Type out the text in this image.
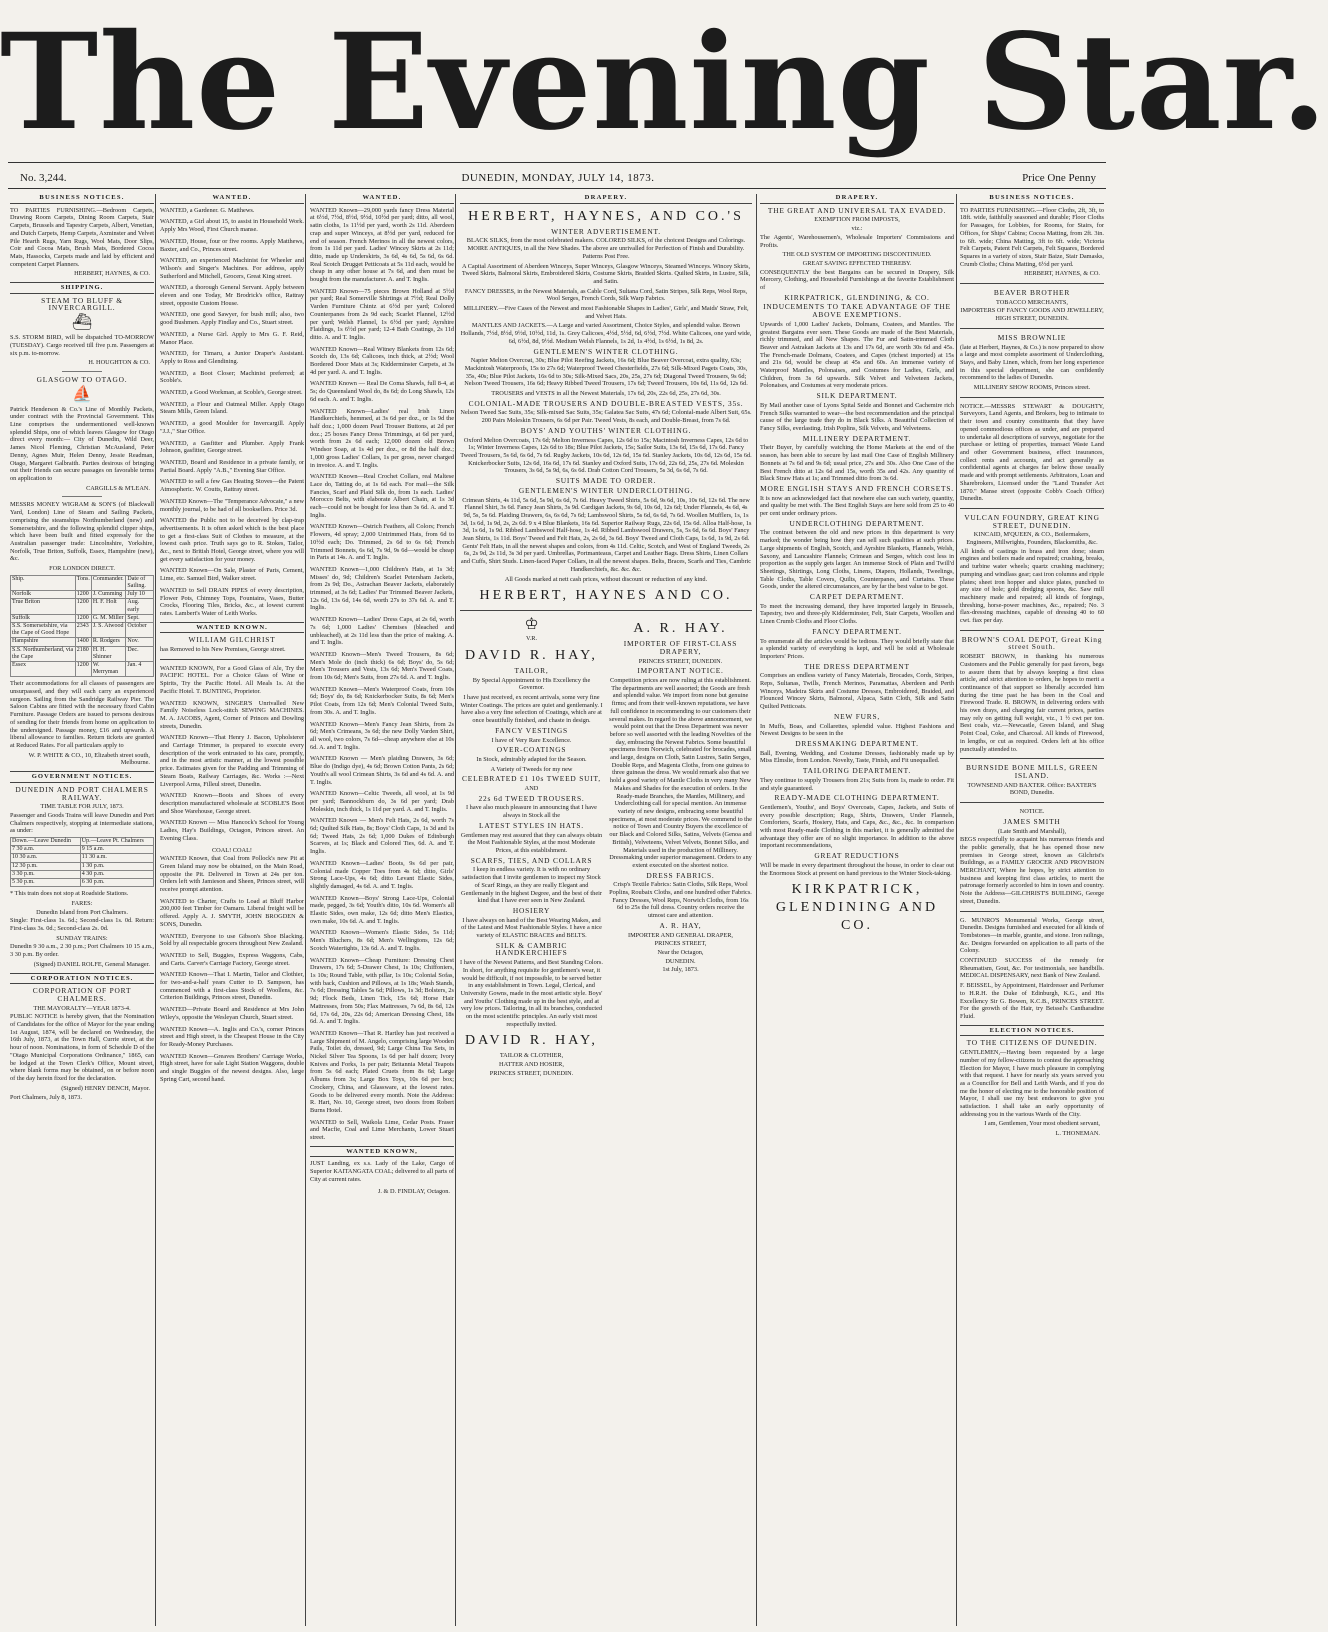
The Evening Star.
No. 3,244.	DUNEDIN, MONDAY, JULY 14, 1873.	Price One Penny
BUSINESS NOTICES.

TO PARTIES FURNISHING.—Bedroom Carpets, Drawing Room Carpets, Dining Room Carpets, Stair Carpets, Brussels and Tapestry Carpets, Albert, Venetian, and Dutch Carpets, Hemp Carpets, Axminster and Velvet Pile Hearth Rugs, Yarn Rugs, Wool Mats, Door Slips, Coir and Cocoa Mats, Brush Mats, Bordered Cocoa Mats, Hassocks, Carpets made and laid by efficient and competent Carpet Planners.

HERBERT, HAYNES, & CO.
SHIPPING.
STEAM TO BLUFF & INVERCARGILL.
⛴

S.S. STORM BIRD, will be dispatched TO-MORROW (TUESDAY). Cargo received till five p.m. Passengers at six p.m. to-morrow.

H. HOUGHTON & CO.
GLASGOW TO OTAGO.
⛵

Patrick Henderson & Co.'s Line of Monthly Packets, under contract with the Provincial Government. This Line comprises the undermentioned well-known splendid Ships, one of which leaves Glasgow for Otago direct every month:— City of Dunedin, Wild Deer, James Nicol Fleming, Christian McAusland, Peter Denny, Agnes Muir, Helen Denny, Jessie Readman, Otago, Margaret Galbraith. Parties desirous of bringing out their friends can secure passages on favorable terms on application to

CARGILLS & M'LEAN.

MESSRS MONEY WIGRAM & SON'S (of Blackwall Yard, London) Line of Steam and Sailing Packets, comprising the steamships Northumberland (new) and Somersetshire, and the following splendid clipper ships, which have been built and fitted expressly for the Australian passenger trade: Lincolnshire, Yorkshire, Norfolk, True Briton, Suffolk, Essex, Hampshire (new), &c.

FOR LONDON DIRECT.
Ship.	Tons.	Commander.	Date of Sailing.
Norfolk	1200	J. Cumming	July 10
True Briton	1200	H. F. Holt	Aug. early
Suffolk	1200	G. M. Miller	Sept.
S.S. Somersetshire, via the Cape of Good Hope	2343	J. S. Atwood	October
Hampshire	1400	R. Rodgers	Nov.
S.S. Northumberland, via the Cape	2180	H. H. Shinner	Dec.
Essex	1200	W. Merryman	Jan. 4

Their accommodations for all classes of passengers are unsurpassed, and they will each carry an experienced surgeon. Sailing from the Sandridge Railway Pier. The Saloon Cabins are fitted with the necessary fixed Cabin Furniture. Passage Orders are issued to persons desirous of sending for their friends from home on application to the undersigned. Passage money, £16 and upwards. A liberal allowance to families. Return tickets are granted at Reduced Rates. For all particulars apply to

W. P. WHITE & CO., 10, Elizabeth street south, Melbourne.
GOVERNMENT NOTICES.
DUNEDIN AND PORT CHALMERS RAILWAY.
TIME TABLE FOR JULY, 1873.

Passenger and Goods Trains will leave Dunedin and Port Chalmers respectively, stopping at intermediate stations, as under:

Down.—Leave Dunedin	Up.—Leave Pt. Chalmers
7 30 a.m.	9 15 a.m.
10 30 a.m.	11 30 a.m.
12 30 p.m.	1 30 p.m.
3 30 p.m.	4 30 p.m.
5 30 p.m.	6 30 p.m.

* This train does not stop at Roadside Stations.

FARES:
Dunedin Island from Port Chalmers.

Single: First-class 1s. 6d.; Second-class 1s. 0d. Return: First-class 3s. 0d.; Second-class 2s. 0d.

SUNDAY TRAINS:

Dunedin 9 30 a.m., 2 30 p.m.; Port Chalmers 10 15 a.m., 3 30 p.m. By order.

(Signed) DANIEL ROLFE, General Manager.
CORPORATION NOTICES.
CORPORATION OF PORT CHALMERS.
THE MAYORALTY—YEAR 1873-4.

PUBLIC NOTICE is hereby given, that the Nomination of Candidates for the office of Mayor for the year ending 1st August, 1874, will be declared on Wednesday, the 16th July, 1873, at the Town Hall, Currie street, at the hour of noon. Nominations, in form of Schedule D of the "Otago Municipal Corporations Ordinance," 1865, can be lodged at the Town Clerk's Office, Mount street, where blank forms may be obtained, on or before noon of the day herein fixed for the declaration.

(Signed) HENRY DENCH, Mayor.

Port Chalmers, July 8, 1873.

WANTED.

WANTED, a Gardener. G. Matthews.

WANTED, a Girl about 15, to assist in Household Work. Apply Mrs Wood, First Church manse.

WANTED, House, four or five rooms. Apply Matthews, Baxter, and Co., Princes street.

WANTED, an experienced Machinist for Wheeler and Wilson's and Singer's Machines. For address, apply Sutherford and Mitchell, Grocers, Great King street.

WANTED, a thorough General Servant. Apply between eleven and one Today, Mr Brodrick's office, Rattray street, opposite Custom House.

WANTED, one good Sawyer, for bush mill; also, two good Bushmen. Apply Findlay and Co., Stuart street.

WANTED, a Nurse Girl. Apply to Mrs G. F. Reid, Manor Place.

WANTED, for Timaru, a Junior Draper's Assistant. Apply to Ross and Glendining.

WANTED, a Boot Closer; Machinist preferred; at Scoble's.

WANTED, a Good Workman, at Scoble's, George street.

WANTED, a Flour and Oatmeal Miller. Apply Otago Steam Mills, Green Island.

WANTED, a good Moulder for Invercargill. Apply "J.J.," Star Office.

WANTED, a Gasfitter and Plumber. Apply Frank Johnson, gasfitter, George street.

WANTED, Board and Residence in a private family, or Partial Board. Apply "A.B.," Evening Star Office.

WANTED to sell a few Gas Heating Stoves—the Patent Atmospheric. W. Coutts, Rattray street.

WANTED Known—The "Temperance Advocate," a new monthly journal, to be had of all booksellers. Price 3d.

WANTED the Public not to be deceived by clap-trap advertisements. It is often asked which is the best place to get a first-class Suit of Clothes to measure, at the lowest cash price. Truth says go to R. Stokes, Tailor, &c., next to British Hotel, George street, where you will get every satisfaction for your money.

WANTED Known—On Sale, Plaster of Paris, Cement, Lime, etc. Samuel Bird, Walker street.

WANTED to Sell DRAIN PIPES of every description, Flower Pots, Chimney Tops, Fountains, Vases, Butter Crocks, Flooring Tiles, Bricks, &c., at lowest current rates. Lambert's Water of Leith Works.

WANTED KNOWN.
WILLIAM GILCHRIST

has Removed to his New Premises, George street.

WANTED KNOWN, For a Good Glass of Ale, Try the PACIFIC HOTEL. For a Choice Glass of Wine or Spirits, Try the Pacific Hotel. All Meals 1s. At the Pacific Hotel. T. BUNTING, Proprietor.

WANTED KNOWN, SINGER'S Unrivalled New Family Noiseless Lock-stitch SEWING MACHINES. M. A. JACOBS, Agent, Corner of Princes and Dowling streets, Dunedin.

WANTED Known—That Henry J. Bacon, Upholsterer and Carriage Trimmer, is prepared to execute every description of the work entrusted to his care, promptly, and in the most artistic manner, at the lowest possible price. Estimates given for the Padding and Trimming of Steam Boats, Railway Carriages, &c. Works :—Next Liverpool Arms, Filleul street, Dunedin.

WANTED Known—Boots and Shoes of every description manufactured wholesale at SCOBLE'S Boot and Shoe Warehouse, George street.

WANTED Known — Miss Hancock's School for Young Ladies, Hay's Buildings, Octagon, Princes street. An Evening Class.

COAL! COAL!

WANTED Known, that Coal from Pollock's new Pit at Green Island may now be obtained, on the Main Road, opposite the Pit. Delivered in Town at 24s per ton. Orders left with Jamieson and Sheen, Princes street, will receive prompt attention.

WANTED to Charter, Crafts to Load at Bluff Harbor 200,000 feet Timber for Oamaru. Liberal freight will be offered. Apply A. J. SMYTH, JOHN BROGDEN & SONS, Dunedin.

WANTED, Everyone to use Gibson's Shoe Blacking. Sold by all respectable grocers throughout New Zealand.

WANTED to Sell, Buggies, Express Waggons, Cabs, and Carts. Carver's Carriage Factory, George street.

WANTED Known—That I. Martin, Tailor and Clothier, for two-and-a-half years Cutter to D. Sampson, has commenced with a first-class Stock of Woollens, &c. Criterion Buildings, Princes street, Dunedin.

WANTED—Private Board and Residence at Mrs John Wiley's, opposite the Wesleyan Church, Stuart street.

WANTED Known—A. Inglis and Co.'s, corner Princes street and High street, is the Cheapest House in the City for Ready-Money Purchases.

WANTED Known—Greaves Brothers' Carriage Works, High street, have for sale Light Station Waggons, double and single Buggies of the newest designs. Also, large Spring Cart, second hand.

WANTED.

WANTED Known—29,000 yards fancy Dress Material at 6½d, 7½d, 8½d, 9½d, 10½d per yard; ditto, all wool, satin cloths, 1s 11½d per yard, worth 2s 11d. Aberdeen crap and super Winceys, at 8½d per yard, reduced for end of season. French Merinos in all the newest colors, from 1s 11d per yard. Ladies' Wincey Skirts at 2s 11d; ditto, made up Underskirts, 3s 6d, 4s 6d, 5s 6d, 6s 6d. Real Scotch Drugget Petticoats at 5s 11d each, would be cheap in any other house at 7s 6d, and then must be bought from the manufacturer. A. and T. Inglis.

WANTED Known—75 pieces Brown Holland at 5½d per yard; Real Somerville Shirtings at 7½d; Real Dolly Varden Furniture Chintz at 6½d per yard; Colored Counterpanes from 2s 9d each; Scarlet Flannel, 12½d per yard; Welsh Flannel, 1s 6½d per yard; Ayrshire Flaidings, 1s 6½d per yard; 12-4 Bath Coatings, 2s 11d ditto. A. and T. Inglis.

WANTED Known—Real Witney Blankets from 12s 6d; Scotch do, 13s 6d; Calicoes, inch thick, at 2½d; Wool Bordered Door Mats at 3s; Kidderminster Carpets, at 3s 4d per yard. A. and T. Inglis.

WANTED Known — Real De Coma Shawls, full 8-4, at 5s; do Queensland Wool do, 8s 6d; do Long Shawls, 12s 6d each. A. and T. Inglis.

WANTED Known—Ladies' real Irish Linen Handkerchiefs, hemmed, at 3s 6d per doz., or 1s 9d the half doz.; 1,000 dozen Pearl Trouser Buttons, at 2d per doz.; 25 boxes Fancy Dress Trimmings, at 6d per yard, worth from 2s 6d each; 12,000 dozen old Brown Windsor Soap, at 1s 4d per doz., or 8d the half doz.; 1,000 gross Ladies' Collars, 1s per gross, never charged in invoice. A. and T. Inglis.

WANTED Known—Real Crochet Collars, real Maltese Lace do, Tatting do, at 1s 6d each. For mail—the Silk Fancies, Scarf and Plaid Silk do, from 1s each. Ladies' Morocco Belts, with elaborate Albert Chain, at 1s 3d each—could not be bought for less than 3s 6d. A. and T. Inglis.

WANTED Known—Ostrich Feathers, all Colors; French Flowers, 4d spray; 2,000 Untrimmed Hats, from 6d to 10½d each; Do. Trimmed, 2s 6d to 6s 6d; French Trimmed Bonnets, 6s 6d, 7s 9d, 9s 6d—would be cheap in Paris at 14s. A. and T. Inglis.

WANTED Known—1,000 Children's Hats, at 1s 3d; Misses' do, 9d; Children's Scarlet Petersham Jackets, from 2s 9d; Do., Astrachan Beaver Jackets, elaborately trimmed, at 3s 6d; Ladies' Fur Trimmed Beaver Jackets, 12s 6d, 13s 6d, 14s 6d, worth 27s to 37s 6d. A. and T. Inglis.

WANTED Known—Ladies' Dress Caps, at 2s 6d, worth 7s 6d; 1,000 Ladies' Chemises (bleached and unbleached), at 2s 11d less than the price of making. A. and T. Inglis.

WANTED Known—Men's Tweed Trousers, 8s 6d; Men's Mole do (inch thick) 6s 6d; Boys' do, 5s 6d; Men's Trousers and Vests, 13s 6d; Men's Tweed Coats, from 10s 6d; Men's Suits, from 27s 6d. A. and T. Inglis.

WANTED Known—Men's Waterproof Coats, from 10s 6d; Boys' do, 8s 6d; Knickerbocker Suits, 8s 6d; Men's Pilot Coats, from 12s 6d; Men's Colonial Tweed Suits, from 30s. A. and T. Inglis.

WANTED Known—Men's Fancy Jean Shirts, from 2s 6d; Men's Crimeans, 3s 6d; the new Dolly Varden Shirt, all wool, two colors, 7s 6d—cheap anywhere else at 10s 6d. A. and T. Inglis.

WANTED Known — Men's plaiding Drawers, 3s 6d; Blue do (Indigo dye), 4s 6d; Brown Cotton Pants, 2s 6d; Youth's all wool Crimean Shirts, 3s 6d and 4s 6d. A. and T. Inglis.

WANTED Known—Celtic Tweeds, all wool, at 1s 9d per yard; Bannockburn do, 3s 6d per yard; Drab Moleskin, inch thick, 1s 11d per yard. A. and T. Inglis.

WANTED Known — Men's Felt Hats, 2s 6d, worth 7s 6d; Quilted Silk Hats, 8s; Boys' Cloth Caps, 1s 3d and 1s 6d; Tweed Hats, 2s 6d; 1,000 Dukes of Edinburgh Scarves, at 1s; Black and Colored Ties, 6d. A. and T. Inglis.

WANTED Known—Ladies' Boots, 9s 6d per pair, Colonial made Copper Toes from 4s 6d; ditto, Girls' Strong Lace-Ups, 4s 6d; ditto Levant Elastic Sides, slightly damaged, 4s 6d. A. and T. Inglis.

WANTED Known—Boys' Strong Lace-Ups, Colonial made, pegged, 3s 6d; Youth's ditto, 10s 6d. Women's all Elastic Sides, own make, 12s 6d; ditto Men's Elastics, own make, 10s 6d. A. and T. Inglis.

WANTED Known—Women's Elastic Sides, 5s 11d; Men's Bluchers, 8s 6d; Men's Wellingtons, 12s 6d; Scotch Watertights, 13s 6d. A. and T. Inglis.

WANTED Known—Cheap Furniture: Dressing Chest Drawers, 17s 6d; 5-Drawer Chest, 1s 10s; Chiffoniers, 1s 10s; Round Table, with pillar, 1s 10s; Colonial Sofas, with back, Cushion and Pillows, at 1s 18s; Wash Stands, 7s 6d; Dressing Tables 5s 6d; Pillows, 1s 3d; Bolsters, 2s 9d; Flock Beds, Linen Tick, 15s 6d; Horse Hair Mattresses, from 50s; Flax Mattresses, 7s 6d, 8s 6d, 12s 6d, 17s 6d, 20s, 22s 6d; American Dressing Chest, 18s 6d. A. and T. Inglis.

WANTED Known—That R. Hartley has just received a Large Shipment of M. Angelo, comprising large Wooden Pails, Toilet do, dressed, 9d; Large China Tea Sets, in Nickel Silver Tea Spoons, 1s 6d per half dozen; Ivory Knives and Forks, 1s per pair; Britannia Metal Teapots from 5s 6d each; Plated Cruets from 8s 6d; Large Albums from 3s; Large Box Toys, 10s 6d per box; Crockery, China, and Glassware, at the lowest rates. Goods to be delivered every month. Note the Address: R. Hart, No. 10, George street, two doors from Robert Burns Hotel.

WANTED to Sell, Waikola Lime, Cedar Posts. Fraser and Macfie, Coal and Lime Merchants, Lower Stuart street.

WANTED KNOWN,

JUST Landing, ex s.s. Lady of the Lake, Cargo of Superior KAITANGATA COAL; delivered to all parts of City at current rates.

J. & D. FINDLAY, Octagon.
DRAPERY.
HERBERT, HAYNES, AND CO.'S
WINTER ADVERTISEMENT.

BLACK SILKS, from the most celebrated makers. COLORED SILKS, of the choicest Designs and Colorings. MOIRE ANTIQUES, in all the New Shades. The above are unrivalled for Perfection of Finish and Durability. Patterns Post Free.

A Capital Assortment of Aberdeen Winceys, Super Winceys, Glasgow Winceys, Steamed Winceys. Wincey Skirts, Tweed Skirts, Balmoral Skirts, Embroidered Skirts, Costume Skirts, Braided Skirts. Quilted Skirts, in Lustre, Silk, and Satin.

FANCY DRESSES, in the Newest Materials, as Cable Cord, Sultana Cord, Satin Stripes, Silk Reps, Wool Reps, Wool Serges, French Cords, Silk Warp Fabrics.

MILLINERY.—Five Cases of the Newest and most Fashionable Shapes in Ladies', Girls', and Maids' Straw, Felt, and Velvet Hats.

MANTLES AND JACKETS.—A Large and varied Assortment, Choice Styles, and splendid value. Brown Hollands, 7½d, 8½d, 9½d, 10½d, 11d, 1s. Grey Calicoes, 4½d, 5½d, 6d, 6½d, 7½d. White Calicoes, one yard wide, 6d, 6½d, 8d, 9½d. Medium Welsh Flannels, 1s 2d, 1s 4½d, 1s 6½d, 1s 8d, 2s.

GENTLEMEN'S WINTER CLOTHING.

Napier Melton Overcoat, 30s; Blue Pilot Reefing Jackets, 16s 6d; Blue Beaver Overcoat, extra quality, 63s; Mackintosh Waterproofs, 15s to 27s 6d; Waterproof Tweed Chesterfields, 27s 6d; Silk-Mixed Pagets Coats, 30s, 35s, 40s; Blue Pilot Jackets, 16s 6d to 30s; Silk-Mixed Sacs, 20s, 25s, 27s 6d; Diagonal Tweed Trousers, 9s 6d; Nelson Tweed Trousers, 16s 6d; Heavy Ribbed Tweed Trousers, 17s 6d; Tweed Trousers, 10s 6d, 11s 6d, 12s 6d.

TROUSERS and VESTS in all the Newest Materials, 17s 6d, 20s, 22s 6d, 25s, 27s 6d, 30s.

COLONIAL-MADE TROUSERS AND DOUBLE-BREASTED VESTS, 35s.

Nelson Tweed Sac Suits, 35s; Silk-mixed Sac Suits, 35s; Galatea Sac Suits, 47s 6d; Colonial-made Albert Suit, 65s. 200 Pairs Moleskin Trousers, 6s 6d per Pair. Tweed Vests, 8s each, and Double-Breast, from 7s 6d.

BOYS' AND YOUTHS' WINTER CLOTHING.

Oxford Melton Overcoats, 17s 6d; Melton Inverness Capes, 12s 6d to 15s; Macintosh Inverness Capes, 12s 6d to 1s; Winter Inverness Capes, 12s 6d to 18s; Blue Pilot Jackets, 15s; Sailor Suits, 13s 6d, 15s 6d, 17s 6d. Fancy Tweed Trousers, 5s 6d, 6s 6d, 7s 6d. Rugby Jackets, 10s 6d, 12s 6d, 15s 6d. Stanley Jackets, 10s 6d, 12s 6d, 15s 6d. Knickerbocker Suits, 12s 6d, 16s 6d, 17s 6d. Stanley and Oxford Suits, 17s 6d, 22s 6d, 25s, 27s 6d. Moleskin Trousers, 3s 6d, 5s 9d, 6s, 6s 6d. Drab Cotton Cord Trousers, 5s 3d, 6s 6d, 7s 6d.

SUITS MADE TO ORDER.
GENTLEMEN'S WINTER UNDERCLOTHING.

Crimean Shirts, 4s 11d, 5s 6d, 5s 9d, 6s 6d, 7s 6d. Heavy Tweed Shirts, 5s 6d, 9s 6d, 10s, 10s 6d, 12s 6d. The new Flannel Shirt, 3s 6d. Fancy Jean Shirts, 3s 9d. Cardigan Jackets, 9s 6d, 10s 6d, 12s 6d; Under Flannels, 4s 6d, 4s 9d, 5s, 5s 6d. Plaiding Drawers, 6s, 6s 6d, 7s 6d; Lambswool Shirts, 5s 6d, 6s 6d, 7s 6d. Woollen Mufflers, 1s, 1s 3d, 1s 6d, 1s 9d, 2s, 2s 6d. 9 x 4 Blue Blankets, 16s 6d. Superior Railway Rugs, 22s 6d, 15s 6d. Alloa Half-hose, 1s 3d, 1s 6d, 1s 9d. Ribbed Lambswool Half-hose, 1s 4d. Ribbed Lambswool Drawers, 5s, 5s 6d, 6s 6d. Boys' Fancy Jean Shirts, 1s 11d. Boys' Tweed and Felt Hats, 2s, 2s 6d, 3s 6d. Boys' Tweed and Cloth Caps, 1s 6d, 1s 9d, 2s 6d. Gents' Felt Hats, in all the newest shapes and colors, from 4s 11d. Celtic, Scotch, and West of England Tweeds, 2s 6s, 2s 9d, 2s 11d, 3s 3d per yard. Umbrellas, Portmanteaus, Carpet and Leather Bags. Dress Shirts, Linen Collars and Cuffs, Shirt Studs. Linen-faced Paper Collars, in all the newest shapes. Belts, Braces, Scarfs and Ties, Cambric Handkerchiefs, &c. &c. &c.

All Goods marked at nett cash prices, without discount or reduction of any kind.

HERBERT, HAYNES AND CO.
♔
V.R.
DAVID R. HAY,
TAILOR,

By Special Appointment to His Excellency the Governor.

I have just received, ex recent arrivals, some very fine Winter Coatings. The prices are quiet and gentlemanly. I have also a very fine selection of Coatings, which are at once beautifully finished, and chaste in design.

FANCY VESTINGS

I have of Very Rare Excellence.

OVER-COATINGS

In Stock, admirably adapted for the Season.

A Variety of Tweeds for my new

CELEBRATED £1 10s TWEED SUIT,
AND
22s 6d TWEED TROUSERS.

I have also much pleasure in announcing that I have always in Stock all the

LATEST STYLES IN HATS.

Gentlemen may rest assured that they can always obtain the Most Fashionable Styles, at the most Moderate Prices, at this establishment.

SCARFS, TIES, AND COLLARS

I keep in endless variety. It is with no ordinary satisfaction that I invite gentlemen to inspect my Stock of Scarf Rings, as they are really Elegant and Gentlemanly in the highest Degree, and the best of their kind that I have ever seen in New Zealand.

HOSIERY

I have always on hand of the Best Wearing Makes, and of the Latest and Most Fashionable Styles. I have a nice variety of ELASTIC BRACES and BELTS.

SILK & CAMBRIC HANDKERCHIEFS

I have of the Newest Patterns, and Best Standing Colors. In short, for anything requisite for gentlemen's wear, it would be difficult, if not impossible, to be served better in any establishment in Town. Legal, Clerical, and University Gowns, made in the most artistic style. Boys' and Youths' Clothing made up in the best style, and at very low prices. Tailoring, in all its branches, conducted on the most scientific principles. An early visit most respectfully invited.

DAVID R. HAY,
TAILOR & CLOTHIER,
HATTER AND HOSIER,
PRINCES STREET, DUNEDIN.
A. R. HAY.
IMPORTER OF FIRST-CLASS DRAPERY,
PRINCES STREET, DUNEDIN.
IMPORTANT NOTICE.

Competition prices are now ruling at this establishment. The departments are well assorted; the Goods are fresh and splendid value. We import from none but genuine firms; and from their well-known reputations, we have full confidence in recommending to our customers their several makes. In regard to the above announcement, we would point out that the Dress Department was never before so well assorted with the leading Novelties of the day, embracing the Newest Fabrics. Some beautiful specimens from Norwich, celebrated for brocades, small and large, designs on Cloth, Satin Lustres, Satin Serges, Double Reps, and Magenta Cloths, from one guinea to three guineas the dress. We would remark also that we hold a good variety of Mantle Cloths in very many New Makes and Shades for the execution of orders. In the Ready-made Branches, the Mantles, Millinery, and Underclothing call for special mention. An immense variety of new designs, embracing some beautiful specimens, at most moderate prices. We commend to the notice of Town and Country Buyers the excellence of our Black and Colored Silks, Satins, Velvets (Genoa and British), Velveteens, Velvet Velvets, Bonnet Silks, and Materials used in the production of Millinery. Dressmaking under superior management. Orders to any extent executed on the shortest notice.

DRESS FABRICS.

Crisp's Textile Fabrics: Satin Cloths, Silk Reps, Wool Poplins, Roubaix Cloths, and one hundred other Fabrics. Fancy Dresses, Wool Reps, Norwich Cloths, from 16s 6d to 25s the full dress. Country orders receive the utmost care and attention.

A. R. HAY,
IMPORTER AND GENERAL DRAPER,
PRINCES STREET,
Near the Octagon,
DUNEDIN.

1st July, 1873.

DRAPERY.
THE GREAT AND UNIVERSAL TAX EVADED.
EXEMPTION FROM IMPOSTS,
viz.:

The Agents', Warehousemen's, Wholesale Importers' Commissions and Profits.

THE OLD SYSTEM OF IMPORTING DISCONTINUED.
GREAT SAVING EFFECTED THEREBY.

CONSEQUENTLY the best Bargains can be secured in Drapery, Silk Mercery, Clothing, and Household Furnishings at the favorite Establishment of

KIRKPATRICK, GLENDINING, & CO.
INDUCEMENTS TO TAKE ADVANTAGE OF THE ABOVE EXEMPTIONS.

Upwards of 1,000 Ladies' Jackets, Dolmans, Coatees, and Mantles. The greatest Bargains ever seen. These Goods are made of the Best Materials, richly trimmed, and all New Shapes. The Fur and Satin-trimmed Cloth Beaver and Astrakan Jackets at 13s and 17s 6d, are worth 30s 6d and 45s. The French-made Dolmans, Coatees, and Capes (richest imported) at 15s and 21s 6d, would be cheap at 45s and 60s. An immense variety of Waterproof Mantles, Polonaises, and Costumes for Ladies, Girls, and Children, from 3s 6d upwards. Silk Velvet and Velveteen Jackets, Polonaises, and Costumes at very moderate prices.

SILK DEPARTMENT.

By Mail another case of Lyons Spital Seide and Bonnet and Cachemire rich French Silks warranted to wear—the best recommendation and the principal cause of the large trade they do in Black Silks. A Beautiful Collection of Fancy Silks, everlasting. Irish Poplins, Silk Velvets, and Velveteens.

MILLINERY DEPARTMENT.

Their Buyer, by carefully watching the Home Markets at the end of the season, has been able to secure by last mail One Case of English Millinery Bonnets at 7s 6d and 9s 6d; usual price, 27s and 30s. Also One Case of the Best French ditto at 12s 6d and 15s, worth 35s and 42s. Any quantity of Black Straw Hats at 1s; and Trimmed ditto from 3s 6d.

MORE ENGLISH STAYS AND FRENCH CORSETS.

It is now an acknowledged fact that nowhere else can such variety, quantity, and quality be met with. The Best English Stays are here sold from 25 to 40 per cent under ordinary prices.

UNDERCLOTHING DEPARTMENT.

The contrast between the old and new prices in this department is very marked; the wonder being how they can sell such qualities at such prices. Large shipments of English, Scotch, and Ayrshire Blankets, Flannels, Welsh, Saxony, and Lancashire Flannels; Crimean and Serges, which cost less in proportion as the supply gets larger. An immense Stock of Plain and Twill'd Sheetings, Shirtings, Long Cloths, Linens, Diapers, Hollands, Tweelings, Table Cloths, Table Covers, Quilts, Counterpanes, and Curtains. These Goods, under the altered circumstances, are by far the best value to be got.

CARPET DEPARTMENT.

To meet the increasing demand, they have imported largely in Brussels, Tapestry, two and three-ply Kidderminster, Felt, Stair Carpets, Woollen and Linen Crumb Cloths and Floor Cloths.

FANCY DEPARTMENT.

To enumerate all the articles would be tedious. They would briefly state that a splendid variety of everything is kept, and will be sold at Wholesale Importers' Prices.

THE DRESS DEPARTMENT

Comprises an endless variety of Fancy Materials, Brocades, Cords, Stripes, Reps, Sultanas, Twills, French Merinos, Paramattas, Aberdeen and Perth Winceys, Madeira Skirts and Costume Dresses, Embroidered, Braided, and Flounced Wincey Skirts, Balmoral, Alpaca, Satin Cloth, Silk and Satin Quilted Petticoats.

NEW FURS,

In Muffs, Boas, and Collarettes, splendid value. Highest Fashions and Newest Designs to be seen in the

DRESSMAKING DEPARTMENT.

Ball, Evening, Wedding, and Costume Dresses, fashionably made up by Miss Elmslie, from London. Novelty, Taste, Finish, and Fit unequalled.

TAILORING DEPARTMENT.

They continue to supply Trousers from 21s; Suits from 1s, made to order. Fit and style guaranteed.

READY-MADE CLOTHING DEPARTMENT.

Gentlemen's, Youths', and Boys' Overcoats, Capes, Jackets, and Suits of every possible description; Rugs, Shirts, Drawers, Under Flannels, Comforters, Scarfs, Hosiery, Hats, and Caps, &c., &c., &c. In comparison with most Ready-made Clothing in this market, it is generally admitted the advantage they offer are of no slight importance. In addition to the above important recommendations,

GREAT REDUCTIONS

Will be made in every department throughout the house, in order to clear out the Enormous Stock at present on hand previous to the Winter Stock-taking.

KIRKPATRICK, GLENDINING AND CO.
BUSINESS NOTICES.

TO PARTIES FURNISHING.—Floor Cloths, 2ft, 3ft, to 18ft. wide, faithfully seasoned and durable; Floor Cloths for Passages, for Lobbies, for Rooms, for Stairs, for Offices, for Ships' Cabins; Cocoa Matting, from 2ft. 3in. to 6ft. wide; China Matting, 3ft to 6ft. wide; Victoria Felt Carpets, Patent Felt Carpets, Felt Squares, Bordered Squares in a variety of sizes, Stair Baize, Stair Damasks, Crumb Cloths; China Matting, 6½d per yard.

HERBERT, HAYNES, & CO.
BEAVER BROTHER
TOBACCO MERCHANTS,
IMPORTERS OF FANCY GOODS AND JEWELLERY, HIGH STREET, DUNEDIN.
MISS BROWNLIE

(late at Herbert, Haynes, & Co.) is now prepared to show a large and most complete assortment of Underclothing, Stays, and Baby Linen, which, from her long experience in this special department, she can confidently recommend to the ladies of Dunedin.

MILLINERY SHOW ROOMS, Princes street.

NOTICE.—MESSRS STEWART & DOUGHTY, Surveyors, Land Agents, and Brokers, beg to intimate to their town and country constituents that they have opened commodious offices as under, and are prepared to undertake all descriptions of surveys, negotiate for the purchase or letting of properties, transact Waste Land and other Government business, effect insurances, collect rents and accounts, and act generally as confidential agents at charges far below those usually made and with prompt settlements. Arbitrators, Loan and Sharebrokers, Licensed under the "Land Transfer Act 1870." Manse street (opposite Cobb's Coach Office) Dunedin.

VULCAN FOUNDRY, GREAT KING STREET, DUNEDIN.
KINCAID, M'QUEEN, & CO., Boilermakers, Engineers, Millwrights, Founders, Blacksmiths, &c.

All kinds of castings in brass and iron done; steam engines and boilers made and repaired; crushing, breaks, and turbine water wheels; quartz crushing machinery; pumping and windlass gear; cast iron columns and ripple plates; sheet iron hopper and sluice plates, punched to any size of hole; gold dredging spoons, &c. Saw mill machinery made and repaired; all kinds of forgings, threshing, horse-power machines, &c., repaired; No. 3 flax-dressing machines, capable of dressing 40 to 60 cwt. fiax per day.

BROWN'S COAL DEPOT, Great King street South.

ROBERT BROWN, in thanking his numerous Customers and the Public generally for past favors, begs to assure them that by always keeping a first class article, and strict attention to orders, he hopes to merit a continuance of that support so liberally accorded him during the time past he has been in the Coal and Firewood Trade. R. BROWN, in delivering orders with his own drays, and charging fair current prices, parties may rely on getting full weight, viz., 1 ½ cwt per ton. Best coals, viz.—Newcastle, Green Island, and Shag Point Coal, Coke, and Charcoal. All kinds of Firewood, in lengths, or cut as required. Orders left at his office punctually attended to.

BURNSIDE BONE MILLS, GREEN ISLAND.
TOWNSEND AND BAXTER. Office: BAXTER'S BOND, Dunedin.
NOTICE.
JAMES SMITH
(Late Smith and Marshall),

BEGS respectfully to acquaint his numerous friends and the public generally, that he has opened those new premises in George street, known as Gilchrist's Buildings, as a FAMILY GROCER AND PROVISION MERCHANT, Where he hopes, by strict attention to business and keeping first class articles, to merit the patronage formerly accorded to him in town and country. Note the Address—GILCHRIST'S BUILDING, George street, Dunedin.

G. MUNRO'S Monumental Works, George street, Dunedin. Designs furnished and executed for all kinds of Tombstones—in marble, granite, and stone. Iron railings, &c. Designs forwarded on application to all parts of the Colony.

CONTINUED SUCCESS of the remedy for Rheumatism, Gout, &c. For testimonials, see handbills. MEDICAL DISPENSARY, next Bank of New Zealand.

F. BEISSEL, by Appointment, Hairdresser and Perfumer to H.R.H. the Duke of Edinburgh, K.G., and His Excellency Sir G. Bowen, K.C.B., PRINCES STREET. For the growth of the Hair, try Beissel's Cantharadine Fluid.

ELECTION NOTICES.
TO THE CITIZENS OF DUNEDIN.

GENTLEMEN,—Having been requested by a large number of my fellow-citizens to contest the approaching Election for Mayor, I have much pleasure in complying with that request. I have for nearly six years served you as a Councillor for Bell and Leith Wards, and if you do me the honor of electing me to the honorable position of Mayor, I shall use my best endeavors to give you satisfaction. I shall take an early opportunity of addressing you in the various Wards of the City.

I am, Gentlemen, Your most obedient servant,

L. THONEMAN.
